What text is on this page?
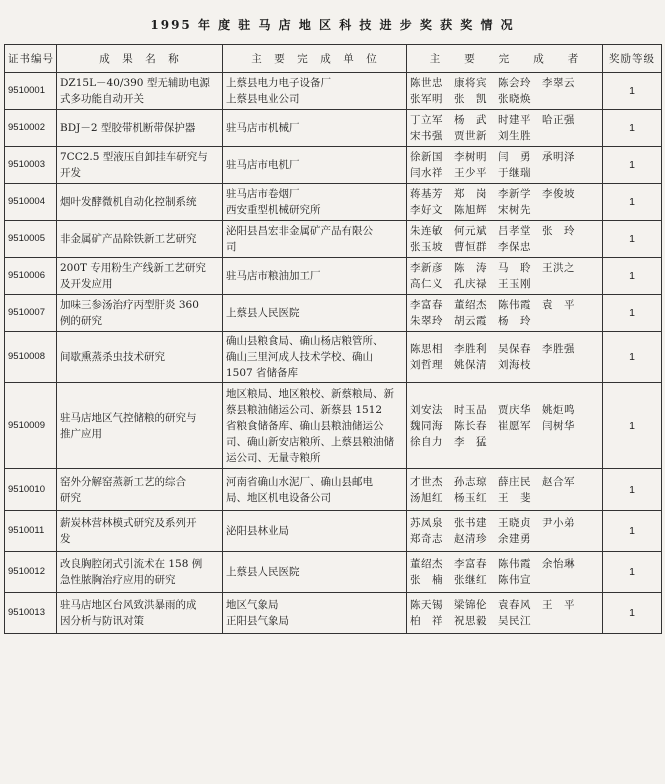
1995 年 度 驻 马 店 地 区 科 技 进 步 奖 获 奖 情 况
证书编号	成　果　名　称	主　要　完　成　单　位	主　　要　　完　　成　　者	奖励等级
9510001	DZ15L－40/390 型无辅助电源
式多功能自动开关	上蔡县电力电子设备厂
上蔡县电业公司	陈世忠　康将宾　陈会玲　李翠云
张军明　张　凯　张晓焕	1
9510002	BDJ－2 型胶带机断带保护器	驻马店市机械厂	丁立军　杨　武　时建平　哈正强
宋书强　贾世新　刘生胜	1
9510003	7CC2.5 型液压自卸挂车研究与
开发	驻马店市电机厂	徐新国　李树明　闫　勇　承明泽
闫水祥　王少平　于继瑞	1
9510004	烟叶发酵微机自动化控制系统	驻马店市卷烟厂
西安重型机械研究所	蒋基芳　郑　岗　李新学　李俊坡
李好文　陈旭辉　宋树先	1
9510005	非金属矿产品除铁新工艺研究	泌阳县昌宏非金属矿产品有限公
司	朱连敏　何元斌　吕孝堂　张　玲
张玉坡　曹恒群　李保忠	1
9510006	200T 专用粉生产线新工艺研究
及开发应用	驻马店市粮油加工厂	李新彦　陈　涛　马　聆　王洪之
高仁义　孔庆禄　王玉刚	1
9510007	加味三参汤治疗丙型肝炎 360
例的研究	上蔡县人民医院	李富春　董绍杰　陈伟霞　袁　平
朱翠玲　胡云霞　杨　玲	1
9510008	间歇熏蒸杀虫技术研究	确山县粮食局、确山杨店粮管所、
确山三里河成人技术学校、确山
1507 省储备库	陈思相　李胜利　吴保春　李胜强
刘哲理　姚保清　刘海枝	1
9510009	驻马店地区气控储粮的研究与
推广应用	地区粮局、地区粮校、新蔡粮局、新
蔡县粮油储运公司、新蔡县 1512
省粮食储备库、确山县粮油储运公
司、确山新安店粮所、上蔡县粮油储
运公司、无量寺粮所	刘安法　时玉品　贾庆华　姚炬鸣
魏同海　陈长春　崔愿军　闫树华
徐自力　李　猛	1
9510010	窑外分解窑蒸新工艺的综合
研究	河南省确山水泥厂、确山县邮电
局、地区机电设备公司	才世杰　孙志琼　薛庄民　赵合军
汤旭红　杨玉红　王　斐	1
9510011	薪炭林营林模式研究及系列开
发	泌阳县林业局	苏凤泉　张书建　王晓贞　尹小弟
郑奇志　赵清珍　余建勇	1
9510012	改良胸腔闭式引流术在 158 例
急性脓胸治疗应用的研究	上蔡县人民医院	董绍杰　李富春　陈伟霞　余怡琳
张　楠　张继红　陈伟宣	1
9510013	驻马店地区台风致洪暴雨的成
因分析与防讯对策	地区气象局
正阳县气象局	陈天锡　梁锦伦　袁春风　王　平
柏　祥　祝思毅　吴民江	1
